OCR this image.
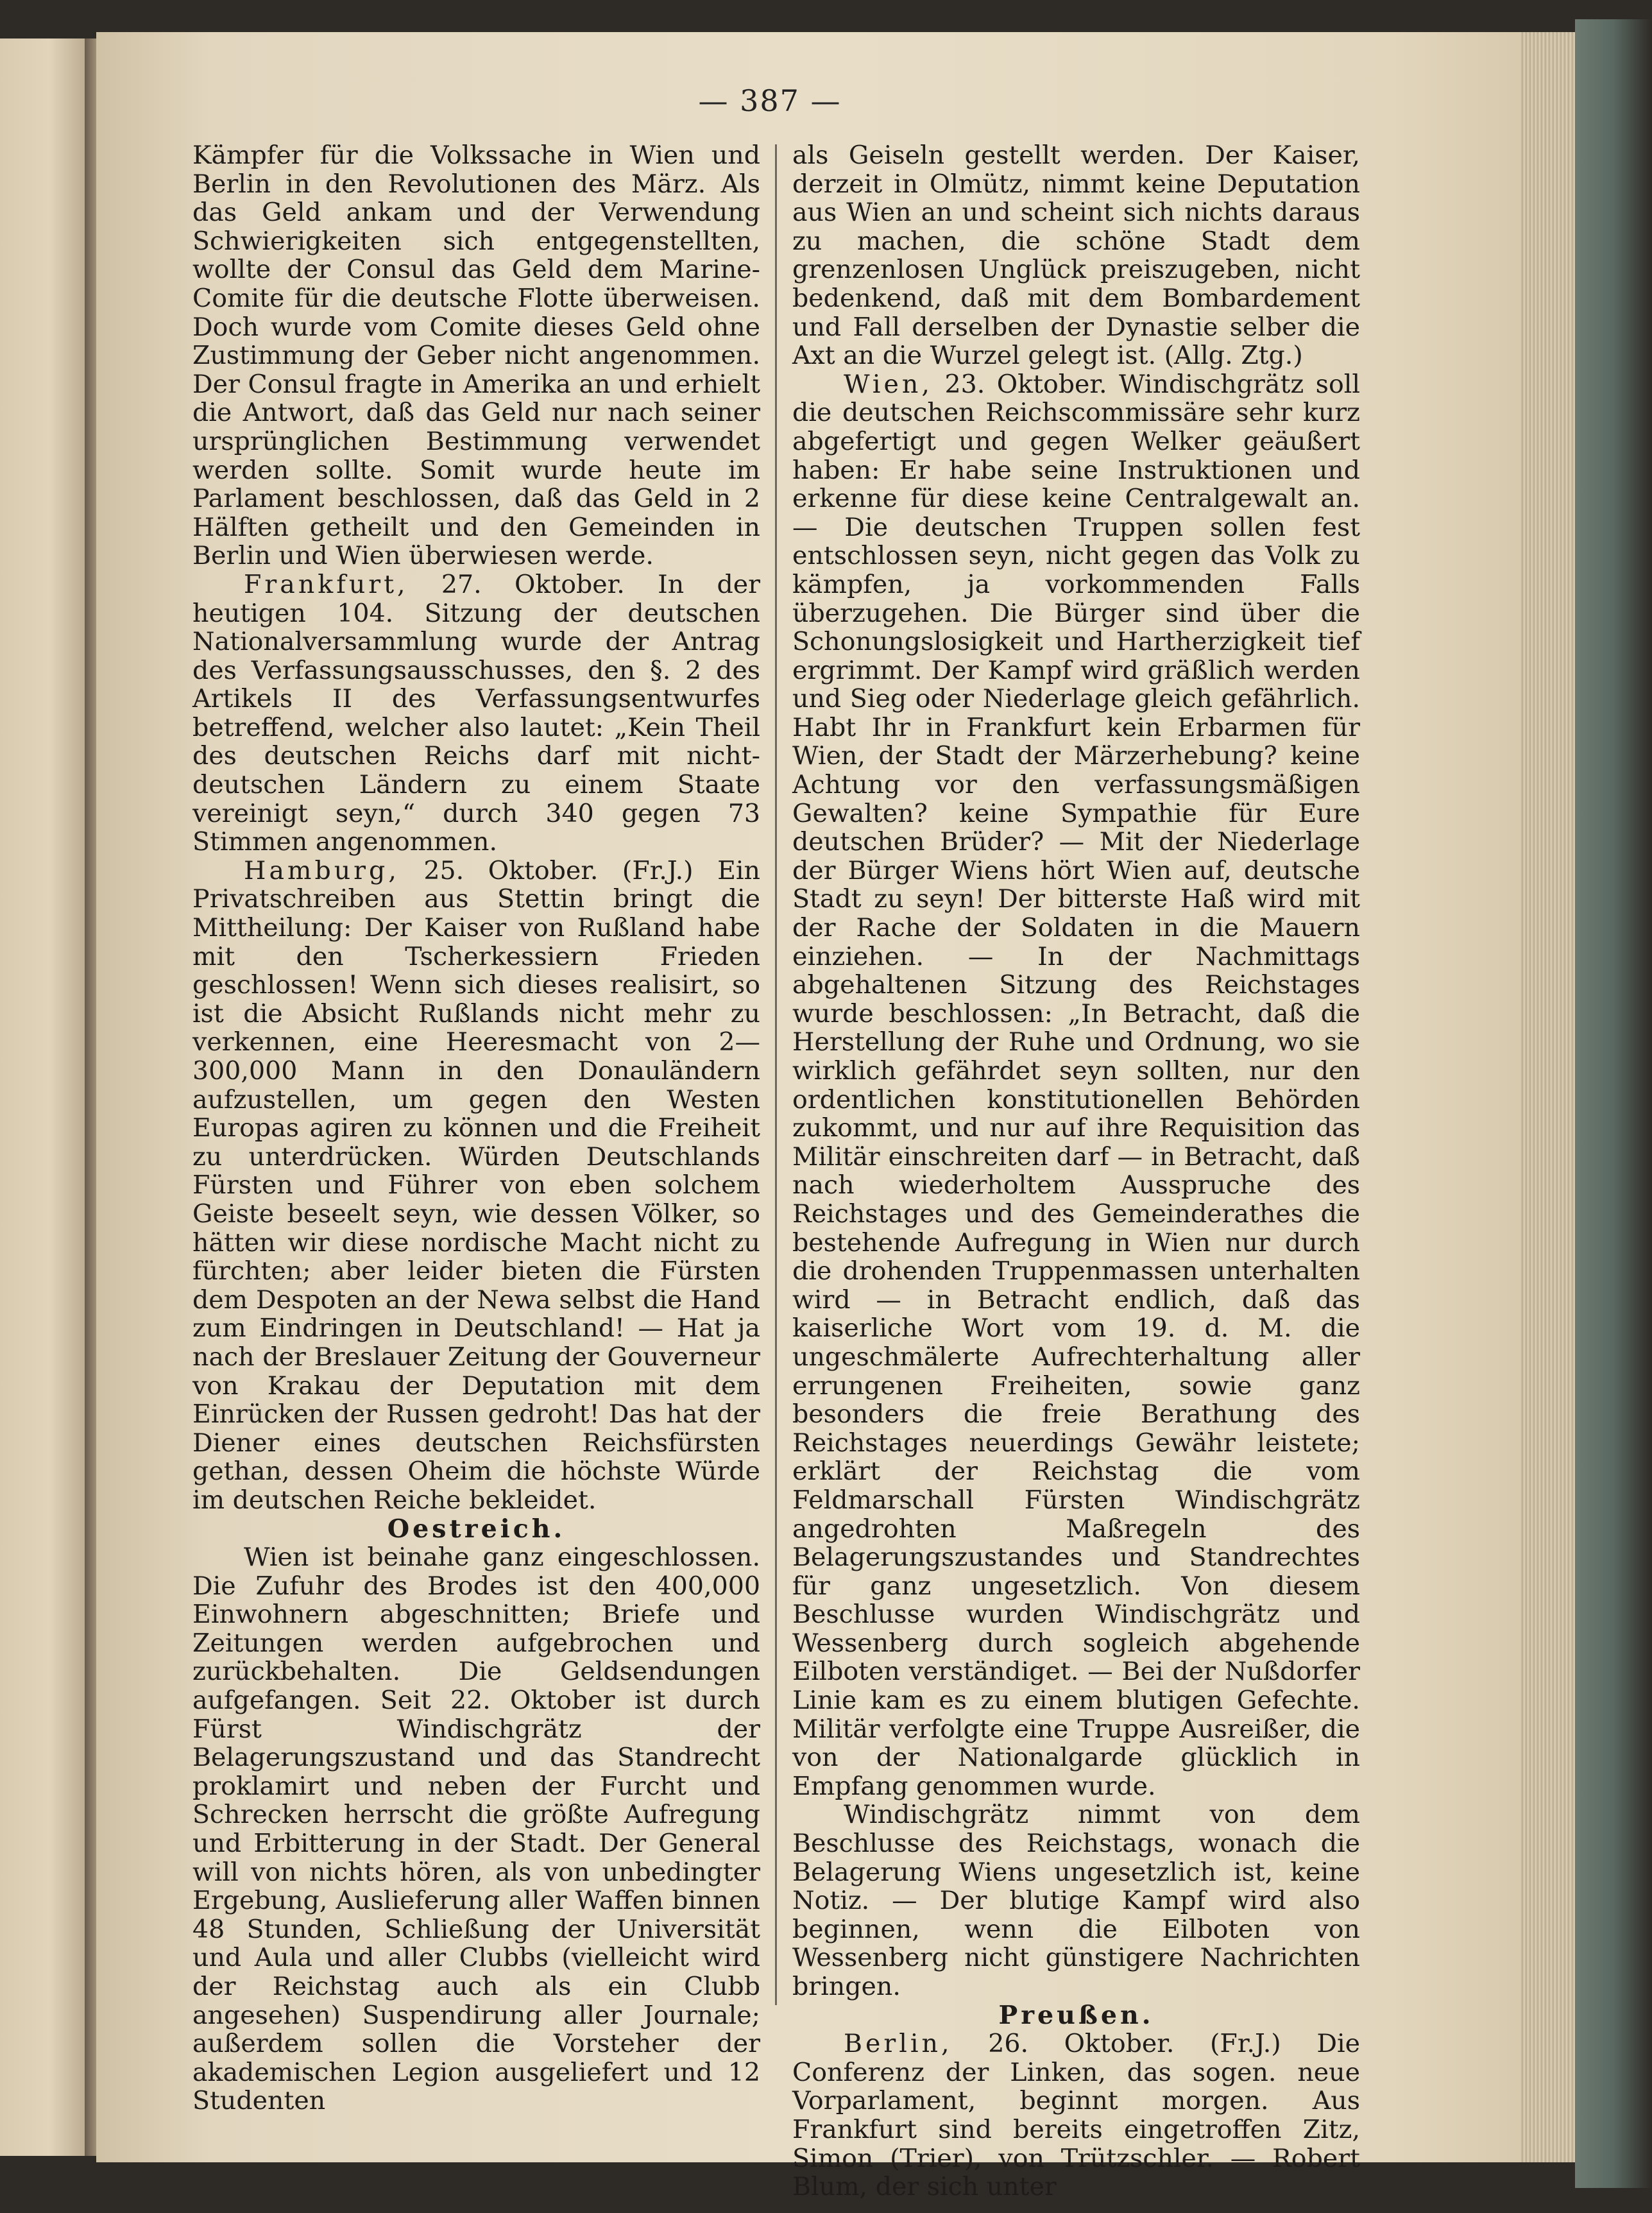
— 387 —

Kämpfer für die Volkssache in Wien und Berlin in den Revolutionen des März. Als das Geld ankam und der Verwendung Schwierigkeiten sich entgegenstellten, wollte der Consul das Geld dem Marine-Comite für die deutsche Flotte überweisen. Doch wurde vom Comite dieses Geld ohne Zustimmung der Geber nicht angenommen. Der Consul fragte in Amerika an und erhielt die Antwort, daß das Geld nur nach seiner ursprünglichen Bestimmung verwendet werden sollte. Somit wurde heute im Parlament beschlossen, daß das Geld in 2 Hälften getheilt und den Gemeinden in Berlin und Wien überwiesen werde.

Frankfurt, 27. Oktober. In der heutigen 104. Sitzung der deutschen Nationalversammlung wurde der Antrag des Verfassungsausschusses, den §. 2 des Artikels II des Verfassungsentwurfes betreffend, welcher also lautet: „Kein Theil des deutschen Reichs darf mit nicht-deutschen Ländern zu einem Staate vereinigt seyn,“ durch 340 gegen 73 Stimmen angenommen.

Hamburg, 25. Oktober. (Fr.J.) Ein Privatschreiben aus Stettin bringt die Mittheilung: Der Kaiser von Rußland habe mit den Tscherkessiern Frieden geschlossen! Wenn sich dieses realisirt, so ist die Absicht Rußlands nicht mehr zu verkennen, eine Heeresmacht von 2—300,000 Mann in den Donauländern aufzustellen, um gegen den Westen Europas agiren zu können und die Freiheit zu unterdrücken. Würden Deutschlands Fürsten und Führer von eben solchem Geiste beseelt seyn, wie dessen Völker, so hätten wir diese nordische Macht nicht zu fürchten; aber leider bieten die Fürsten dem Despoten an der Newa selbst die Hand zum Eindringen in Deutschland! — Hat ja nach der Breslauer Zeitung der Gouverneur von Krakau der Deputation mit dem Einrücken der Russen gedroht! Das hat der Diener eines deutschen Reichsfürsten gethan, dessen Oheim die höchste Würde im deutschen Reiche bekleidet.

Oestreich.

Wien ist beinahe ganz eingeschlossen. Die Zufuhr des Brodes ist den 400,000 Einwohnern abgeschnitten; Briefe und Zeitungen werden aufgebrochen und zurückbehalten. Die Geldsendungen aufgefangen. Seit 22. Oktober ist durch Fürst Windischgrätz der Belagerungszustand und das Standrecht proklamirt und neben der Furcht und Schrecken herrscht die größte Aufregung und Erbitterung in der Stadt. Der General will von nichts hören, als von unbedingter Ergebung, Auslieferung aller Waffen binnen 48 Stunden, Schließung der Universität und Aula und aller Clubbs (vielleicht wird der Reichstag auch als ein Clubb angesehen) Suspendirung aller Journale; außerdem sollen die Vorsteher der akademischen Legion ausgeliefert und 12 Studenten

als Geiseln gestellt werden. Der Kaiser, derzeit in Olmütz, nimmt keine Deputation aus Wien an und scheint sich nichts daraus zu machen, die schöne Stadt dem grenzenlosen Unglück preiszugeben, nicht bedenkend, daß mit dem Bombardement und Fall derselben der Dynastie selber die Axt an die Wurzel gelegt ist. (Allg. Ztg.)

Wien, 23. Oktober. Windischgrätz soll die deutschen Reichscommissäre sehr kurz abgefertigt und gegen Welker geäußert haben: Er habe seine Instruktionen und erkenne für diese keine Centralgewalt an. — Die deutschen Truppen sollen fest entschlossen seyn, nicht gegen das Volk zu kämpfen, ja vorkommenden Falls überzugehen. Die Bürger sind über die Schonungslosigkeit und Hartherzigkeit tief ergrimmt. Der Kampf wird gräßlich werden und Sieg oder Niederlage gleich gefährlich. Habt Ihr in Frankfurt kein Erbarmen für Wien, der Stadt der Märzerhebung? keine Achtung vor den verfassungsmäßigen Gewalten? keine Sympathie für Eure deutschen Brüder? — Mit der Niederlage der Bürger Wiens hört Wien auf, deutsche Stadt zu seyn! Der bitterste Haß wird mit der Rache der Soldaten in die Mauern einziehen. — In der Nachmittags abgehaltenen Sitzung des Reichstages wurde beschlossen: „In Betracht, daß die Herstellung der Ruhe und Ordnung, wo sie wirklich gefährdet seyn sollten, nur den ordentlichen konstitutionellen Behörden zukommt, und nur auf ihre Requisition das Militär einschreiten darf — in Betracht, daß nach wiederholtem Ausspruche des Reichstages und des Gemeinderathes die bestehende Aufregung in Wien nur durch die drohenden Truppenmassen unterhalten wird — in Betracht endlich, daß das kaiserliche Wort vom 19. d. M. die ungeschmälerte Aufrechterhaltung aller errungenen Freiheiten, sowie ganz besonders die freie Berathung des Reichstages neuerdings Gewähr leistete; erklärt der Reichstag die vom Feldmarschall Fürsten Windischgrätz angedrohten Maßregeln des Belagerungszustandes und Standrechtes für ganz ungesetzlich. Von diesem Beschlusse wurden Windischgrätz und Wessenberg durch sogleich abgehende Eilboten verständiget. — Bei der Nußdorfer Linie kam es zu einem blutigen Gefechte. Militär verfolgte eine Truppe Ausreißer, die von der Nationalgarde glücklich in Empfang genommen wurde.

Windischgrätz nimmt von dem Beschlusse des Reichstags, wonach die Belagerung Wiens ungesetzlich ist, keine Notiz. — Der blutige Kampf wird also beginnen, wenn die Eilboten von Wessenberg nicht günstigere Nachrichten bringen.

Preußen.

Berlin, 26. Oktober. (Fr.J.) Die Conferenz der Linken, das sogen. neue Vorparlament, beginnt morgen. Aus Frankfurt sind bereits eingetroffen Zitz, Simon (Trier), von Trützschler. — Robert Blum, der sich unter
